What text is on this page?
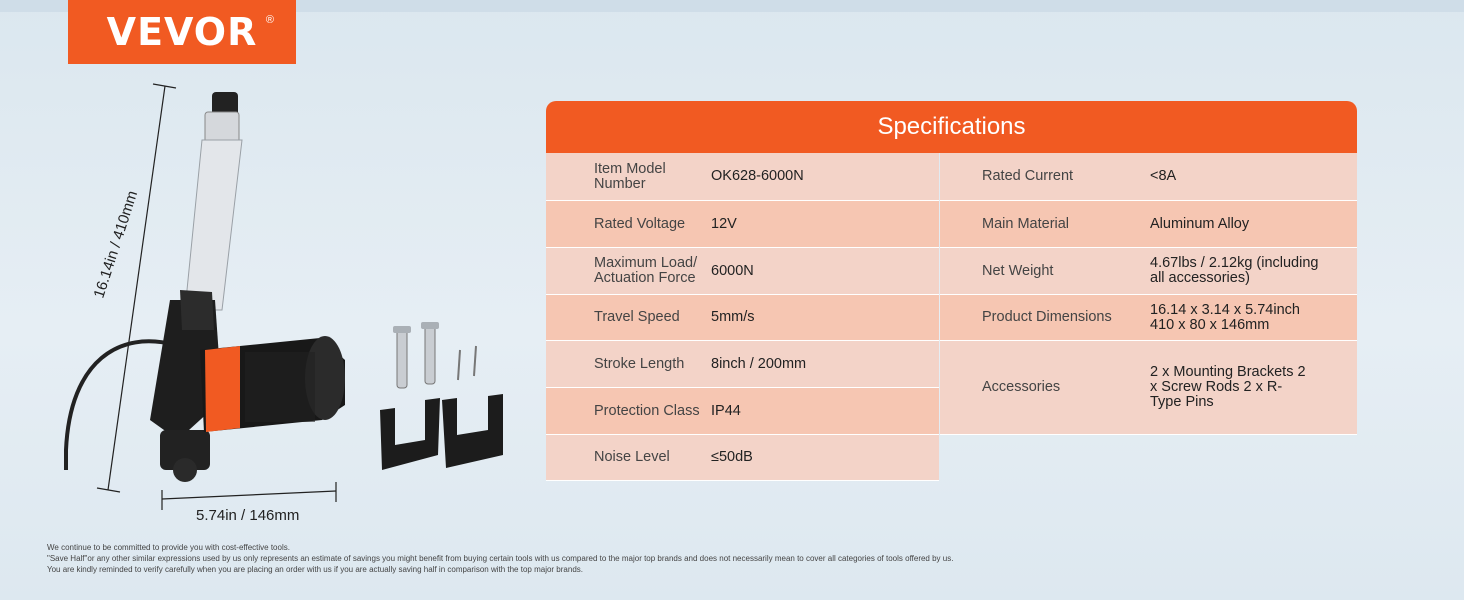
VEVOR ®
16.14in / 410mm
5.74in / 146mm
Specifications
Item Model Number	OK628-6000N
Rated Voltage	12V
Maximum Load/ Actuation Force	6000N
Travel Speed	5mm/s
Stroke Length	8inch / 200mm
Protection Class IP44
Noise Level	≤50dB
Rated Current	<8A
Main Material	Aluminum Alloy
Net Weight	4.67lbs / 2.12kg (including all accessories)
Product Dimensions	16.14 x 3.14 x 5.74inch 410 x 80 x 146mm
Accessories
2 x Mounting Brackets 2 x Screw Rods 2 x R-Type Pins
We continue to be committed to provide you with cost-effective tools.
"Save Half"or any other similar expressions used by us only represents an estimate of savings you might benefit from buying certain tools with us compared to the major top brands and does not necessarily mean to cover all categories of tools offered by us.
You are kindly reminded to verify carefully when you are placing an order with us if you are actually saving half in comparison with the top major brands.
